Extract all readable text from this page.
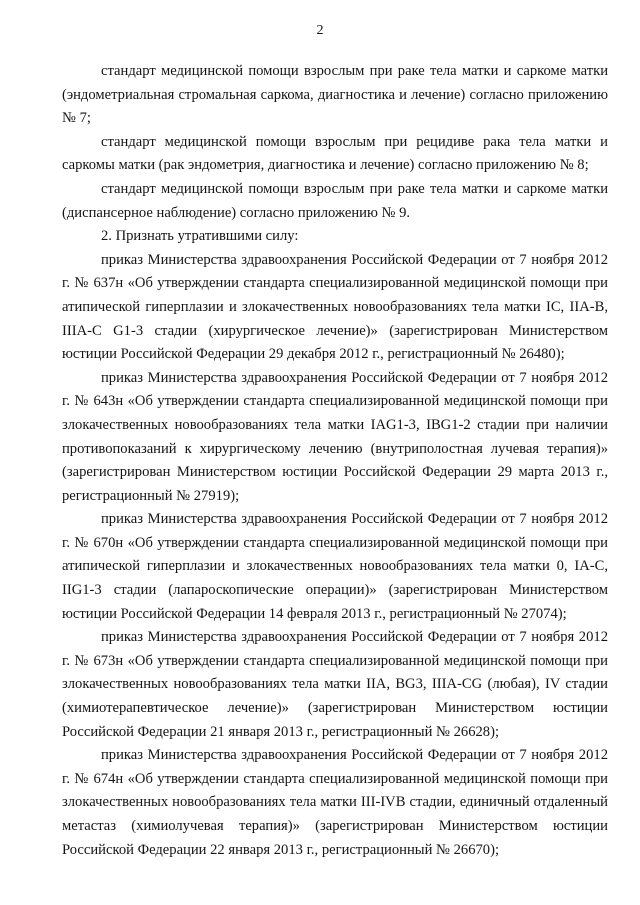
2

стандарт медицинской помощи взрослым при раке тела матки и саркоме матки (эндометриальная стромальная саркома, диагностика и лечение) согласно приложению № 7;

стандарт медицинской помощи взрослым при рецидиве рака тела матки и саркомы матки (рак эндометрия, диагностика и лечение) согласно приложению № 8;

стандарт медицинской помощи взрослым при раке тела матки и саркоме матки (диспансерное наблюдение) согласно приложению № 9.

2. Признать утратившими силу:

приказ Министерства здравоохранения Российской Федерации от 7 ноября 2012 г. № 637н «Об утверждении стандарта специализированной медицинской помощи при атипической гиперплазии и злокачественных новообразованиях тела матки IC, IIA-B, IIIA-C G1-3 стадии (хирургическое лечение)» (зарегистрирован Министерством юстиции Российской Федерации 29 декабря 2012 г., регистрационный № 26480);

приказ Министерства здравоохранения Российской Федерации от 7 ноября 2012 г. № 643н «Об утверждении стандарта специализированной медицинской помощи при злокачественных новообразованиях тела матки IAG1-3, IBG1-2 стадии при наличии противопоказаний к хирургическому лечению (внутриполостная лучевая терапия)» (зарегистрирован Министерством юстиции Российской Федерации 29 марта 2013 г., регистрационный № 27919);

приказ Министерства здравоохранения Российской Федерации от 7 ноября 2012 г. № 670н «Об утверждении стандарта специализированной медицинской помощи при атипической гиперплазии и злокачественных новообразованиях тела матки 0, IA-C, IIG1-3 стадии (лапароскопические операции)» (зарегистрирован Министерством юстиции Российской Федерации 14 февраля 2013 г., регистрационный № 27074);

приказ Министерства здравоохранения Российской Федерации от 7 ноября 2012 г. № 673н «Об утверждении стандарта специализированной медицинской помощи при злокачественных новообразованиях тела матки IIA, BG3, IIIA-CG (любая), IV стадии (химиотерапевтическое лечение)» (зарегистрирован Министерством юстиции Российской Федерации 21 января 2013 г., регистрационный № 26628);

приказ Министерства здравоохранения Российской Федерации от 7 ноября 2012 г. № 674н «Об утверждении стандарта специализированной медицинской помощи при злокачественных новообразованиях тела матки III-IVB стадии, единичный отдаленный метастаз (химиолучевая терапия)» (зарегистрирован Министерством юстиции Российской Федерации 22 января 2013 г., регистрационный № 26670);
